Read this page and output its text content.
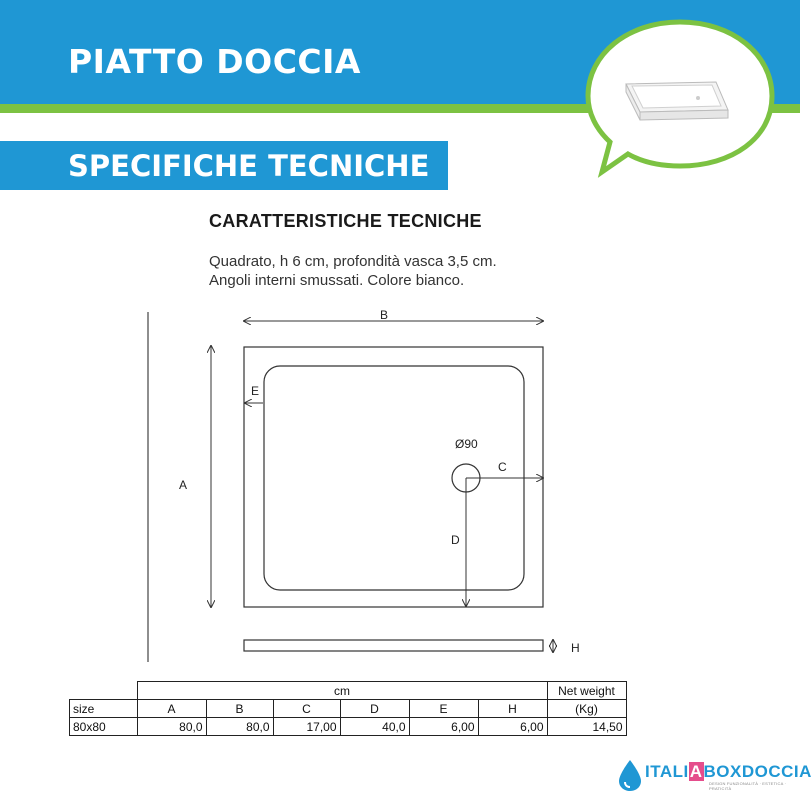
PIATTO DOCCIA
SPECIFICHE TECNICHE
CARATTERISTICHE TECNICHE
Quadrato, h 6 cm, profondità vasca 3,5 cm.
Angoli interni smussati. Colore bianco.
B
A
E
Ø90
C
D
H
	cm						Net weight
size	A	B	C	D	E	H	(Kg)
80x80	80,0	80,0	17,00	40,0	6,00	6,00	14,50
ITALIABOXDOCCIA
DESIGN FUNZIONALITÀ · ESTETICA · PRATICITÀ
